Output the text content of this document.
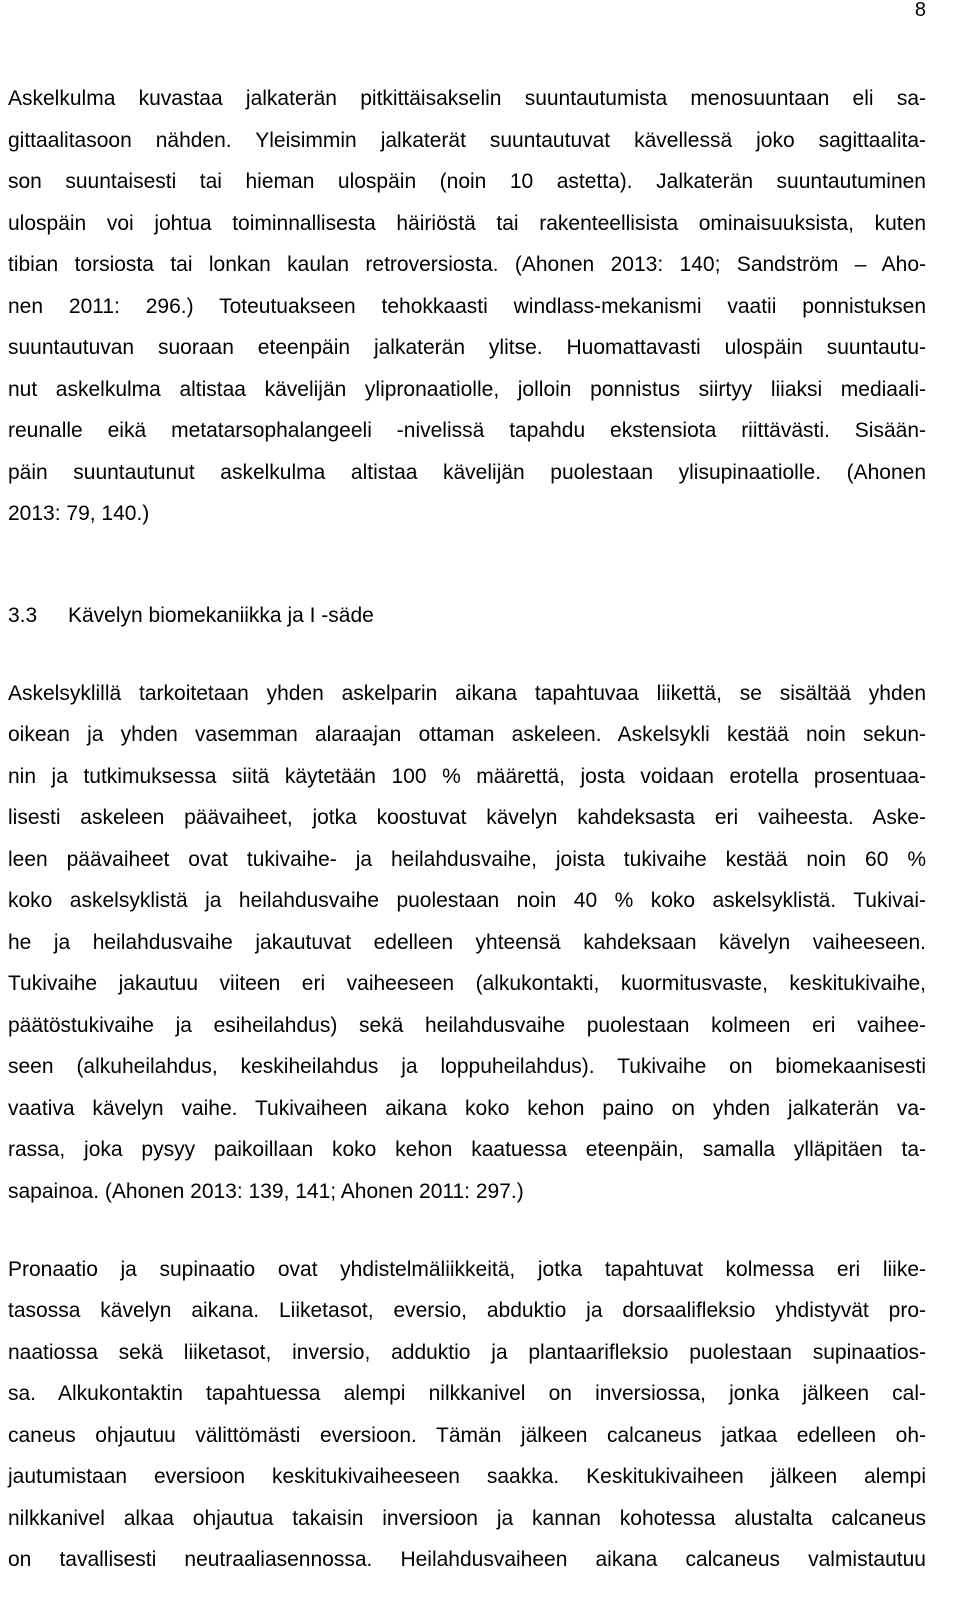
8
Askelkulma kuvastaa jalkaterän pitkittäisakselin suuntautumista menosuuntaan eli sa-
gittaalitasoon nähden. Yleisimmin jalkaterät suuntautuvat kävellessä joko sagittaalita-
son suuntaisesti tai hieman ulospäin (noin 10 astetta). Jalkaterän suuntautuminen
ulospäin voi johtua toiminnallisesta häiriöstä tai rakenteellisista ominaisuuksista, kuten
tibian torsiosta tai lonkan kaulan retroversiosta. (Ahonen 2013: 140; Sandström – Aho-
nen 2011: 296.) Toteutuakseen tehokkaasti windlass-mekanismi vaatii ponnistuksen
suuntautuvan suoraan eteenpäin jalkaterän ylitse. Huomattavasti ulospäin suuntautu-
nut askelkulma altistaa kävelijän ylipronaatiolle, jolloin ponnistus siirtyy liiaksi mediaali-
reunalle eikä metatarsophalangeeli -nivelissä tapahdu ekstensiota riittävästi. Sisään-
päin suuntautunut askelkulma altistaa kävelijän puolestaan ylisupinaatiolle. (Ahonen
2013: 79, 140.)
3.3 Kävelyn biomekaniikka ja I -säde
Askelsyklillä tarkoitetaan yhden askelparin aikana tapahtuvaa liikettä, se sisältää yhden
oikean ja yhden vasemman alaraajan ottaman askeleen. Askelsykli kestää noin sekun-
nin ja tutkimuksessa siitä käytetään 100 % määrettä, josta voidaan erotella prosentuaa-
lisesti askeleen päävaiheet, jotka koostuvat kävelyn kahdeksasta eri vaiheesta. Aske-
leen päävaiheet ovat tukivaihe- ja heilahdusvaihe, joista tukivaihe kestää noin 60 %
koko askelsyklistä ja heilahdusvaihe puolestaan noin 40 % koko askelsyklistä. Tukivai-
he ja heilahdusvaihe jakautuvat edelleen yhteensä kahdeksaan kävelyn vaiheeseen.
Tukivaihe jakautuu viiteen eri vaiheeseen (alkukontakti, kuormitusvaste, keskitukivaihe,
päätöstukivaihe ja esiheilahdus) sekä heilahdusvaihe puolestaan kolmeen eri vaihee-
seen (alkuheilahdus, keskiheilahdus ja loppuheilahdus). Tukivaihe on biomekaanisesti
vaativa kävelyn vaihe. Tukivaiheen aikana koko kehon paino on yhden jalkaterän va-
rassa, joka pysyy paikoillaan koko kehon kaatuessa eteenpäin, samalla ylläpitäen ta-
sapainoa. (Ahonen 2013: 139, 141; Ahonen 2011: 297.)
Pronaatio ja supinaatio ovat yhdistelmäliikkeitä, jotka tapahtuvat kolmessa eri liike-
tasossa kävelyn aikana. Liiketasot, eversio, abduktio ja dorsaalifleksio yhdistyvät pro-
naatiossa sekä liiketasot, inversio, adduktio ja plantaarifleksio puolestaan supinaatios-
sa. Alkukontaktin tapahtuessa alempi nilkkanivel on inversiossa, jonka jälkeen cal-
caneus ohjautuu välittömästi eversioon. Tämän jälkeen calcaneus jatkaa edelleen oh-
jautumistaan eversioon keskitukivaiheeseen saakka. Keskitukivaiheen jälkeen alempi
nilkkanivel alkaa ohjautua takaisin inversioon ja kannan kohotessa alustalta calcaneus
on tavallisesti neutraaliasennossa. Heilahdusvaiheen aikana calcaneus valmistautuu
